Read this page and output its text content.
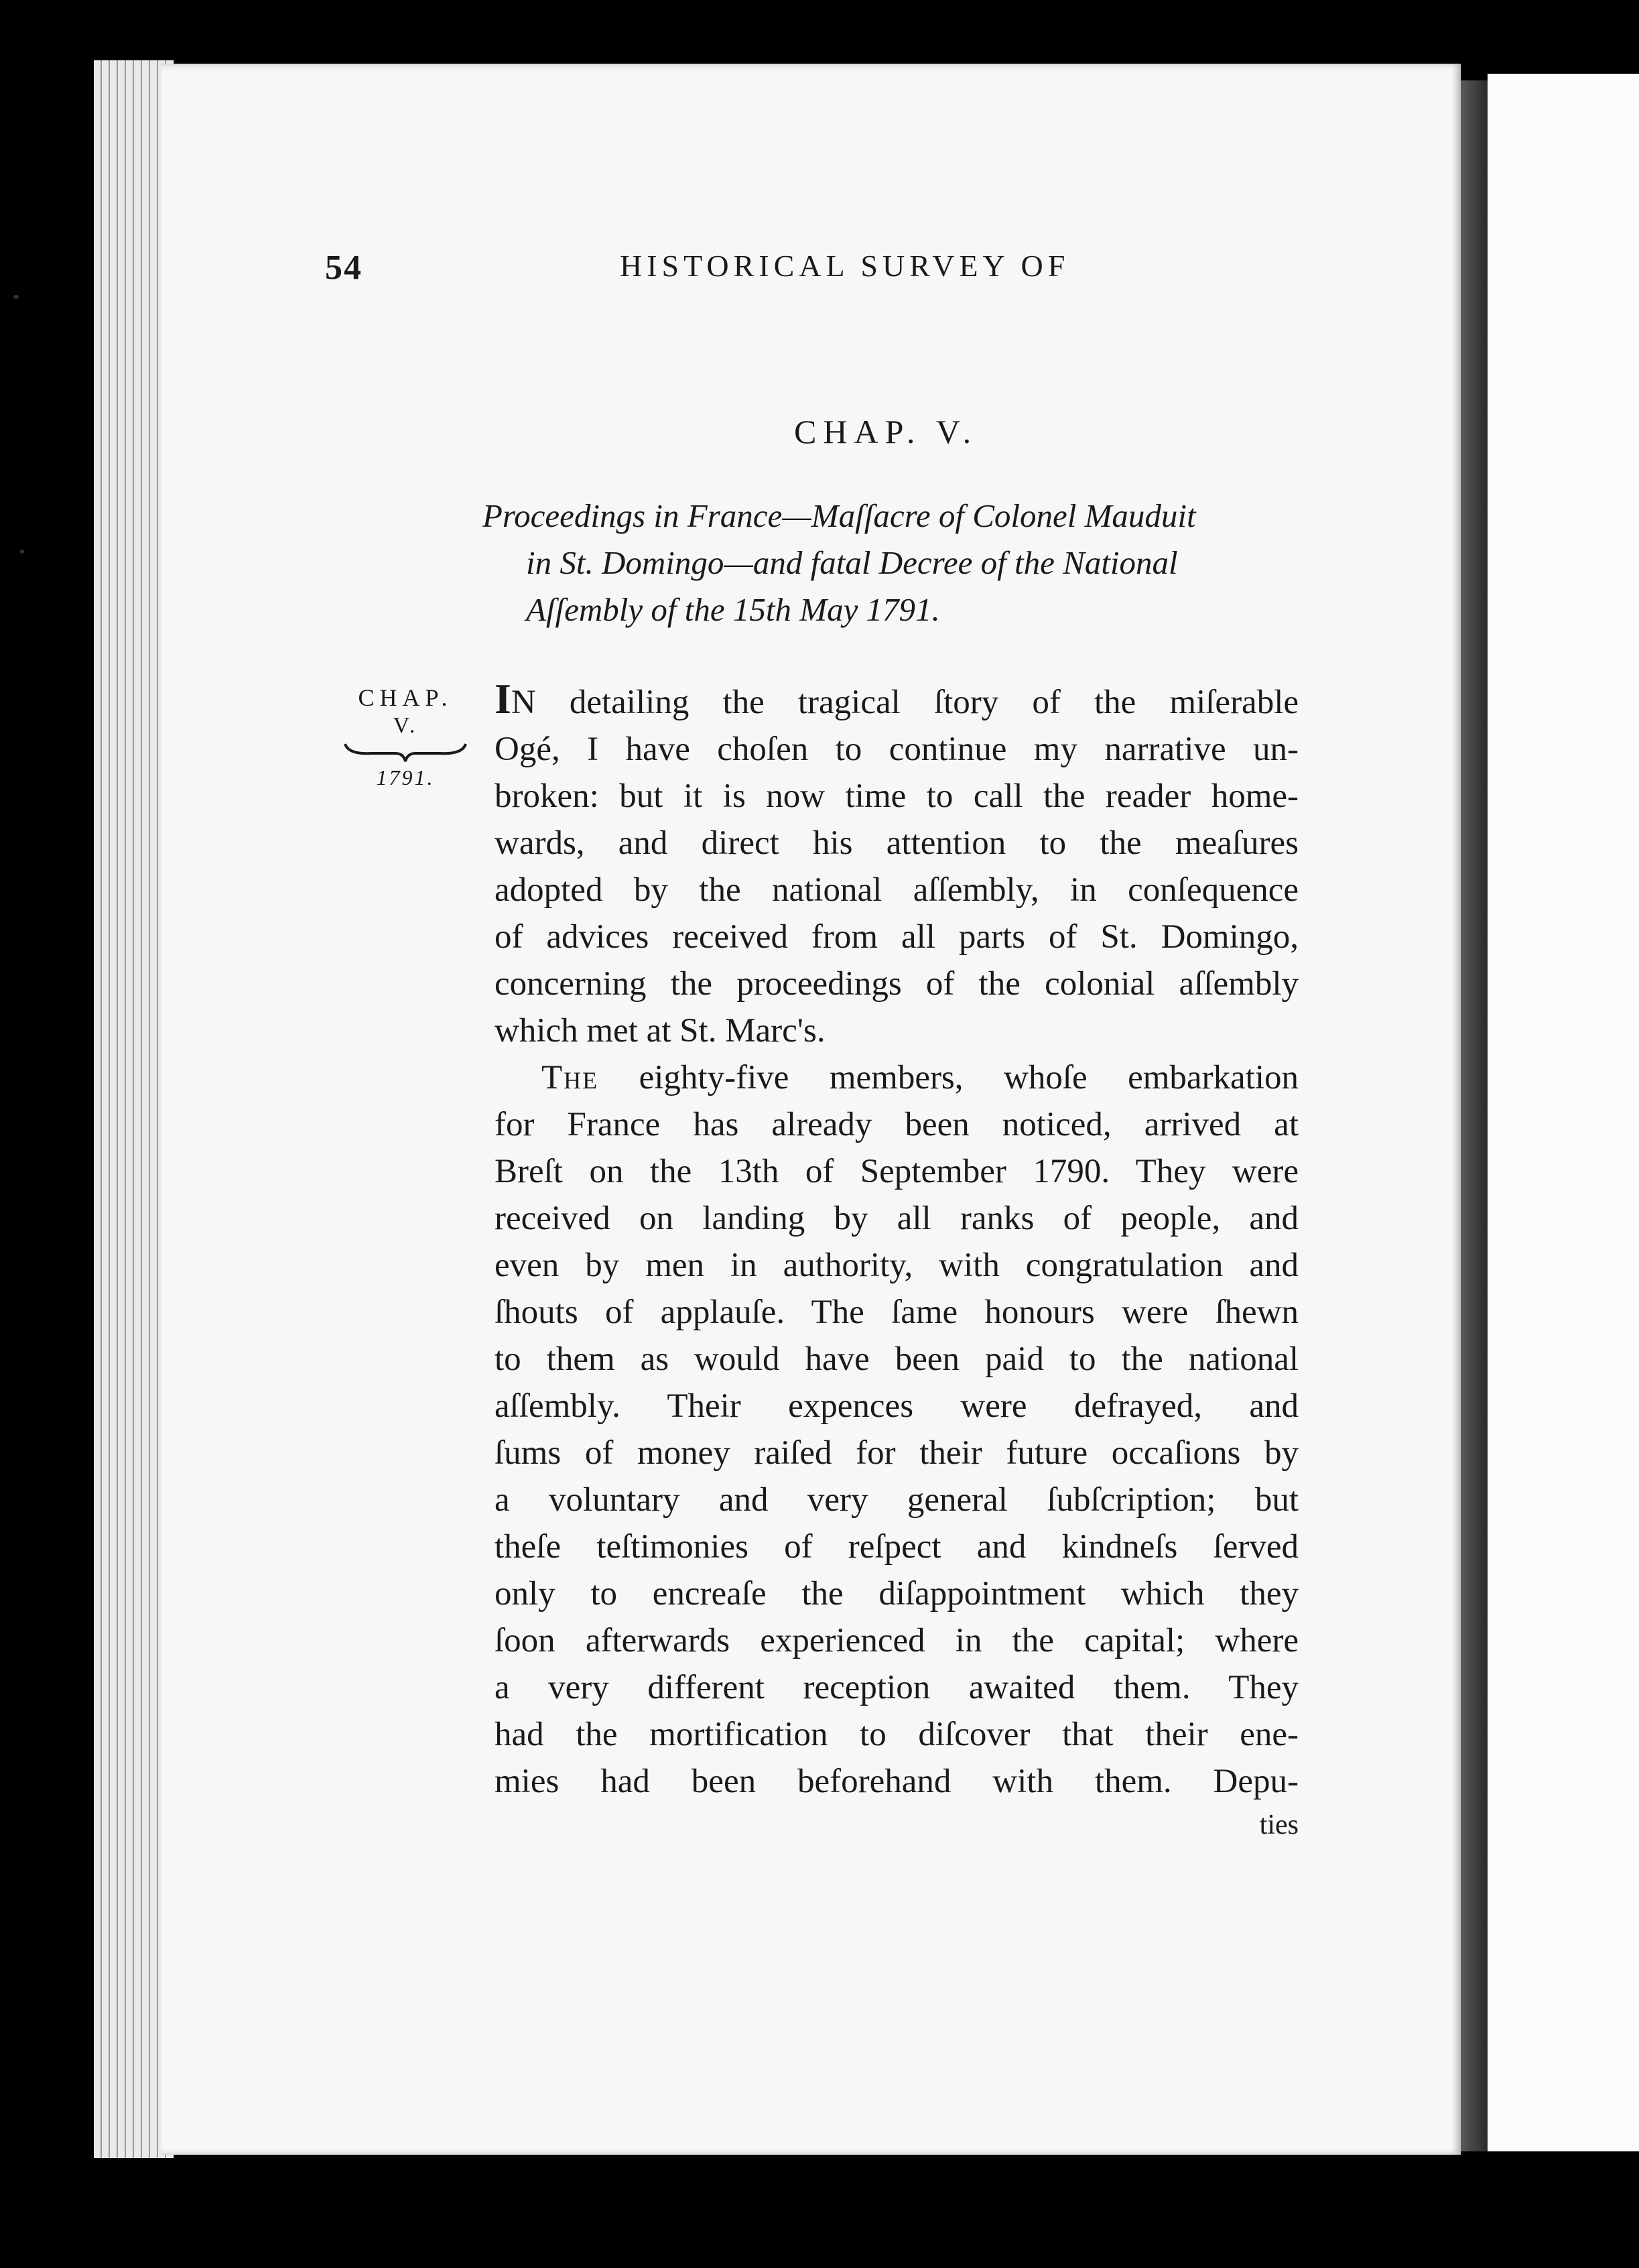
54	HISTORICAL SURVEY OF
CHAP. V.
Proceedings in France—Maſſacre of Colonel Mauduit
in St. Domingo—and fatal Decree of the National
Aſſembly of the 15th May 1791.
CHAP.
V.
1791.
IN detailing the tragical ſtory of the miſerable
Ogé, I have choſen to continue my narrative un-
broken: but it is now time to call the reader home-
wards, and direct his attention to the meaſures
adopted by the national aſſembly, in conſequence
of advices received from all parts of St. Domingo,
concerning the proceedings of the colonial aſſembly
which met at St. Marc's.
The eighty-five members, whoſe embarkation
for France has already been noticed, arrived at
Breſt on the 13th of September 1790. They were
received on landing by all ranks of people, and
even by men in authority, with congratulation and
ſhouts of applauſe. The ſame honours were ſhewn
to them as would have been paid to the national
aſſembly. Their expences were defrayed, and
ſums of money raiſed for their future occaſions by
a voluntary and very general ſubſcription; but
theſe teſtimonies of reſpect and kindneſs ſerved
only to encreaſe the diſappointment which they
ſoon afterwards experienced in the capital; where
a very different reception awaited them. They
had the mortification to diſcover that their ene-
mies had been beforehand with them. Depu-
ties
